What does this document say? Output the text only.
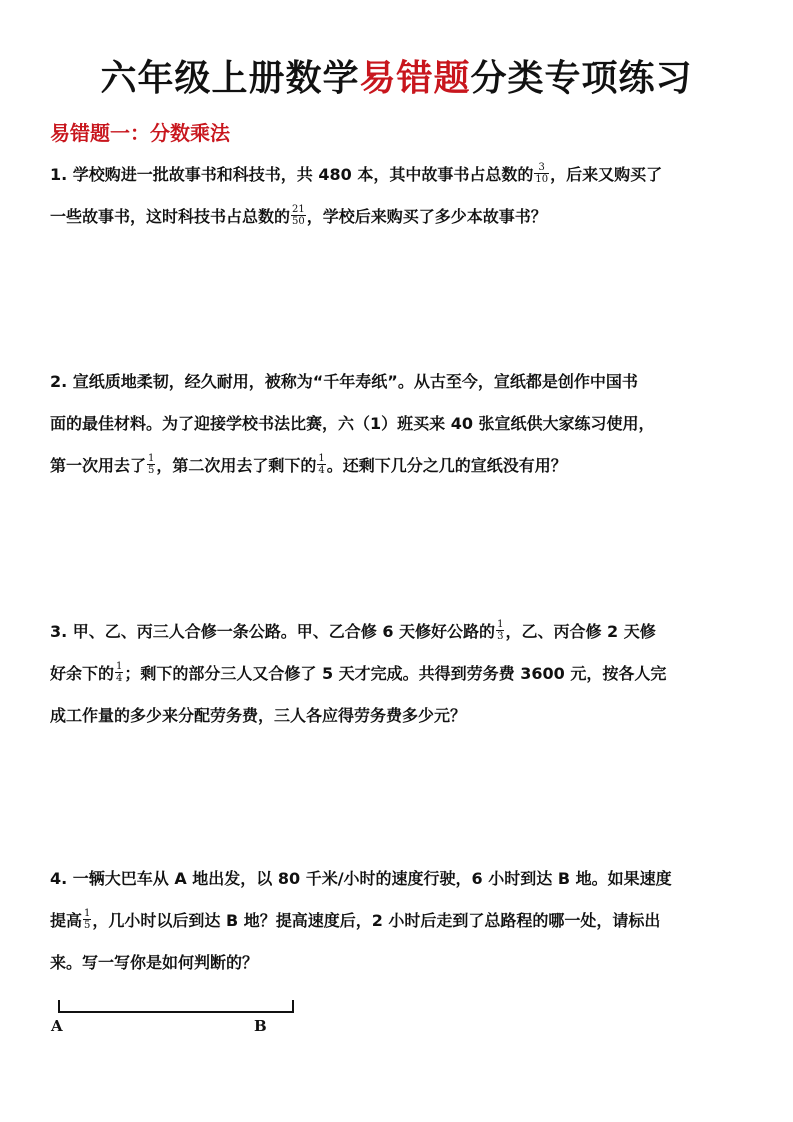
六年级上册数学易错题分类专项练习
易错题一：分数乘法
1. 学校购进一批故事书和科技书，共 480 本，其中故事书占总数的 $\frac{3}{10}$ ，后来又购买了
一些故事书，这时科技书占总数的 $\frac{21}{50}$ ，学校后来购买了多少本故事书？
2. 宣纸质地柔韧，经久耐用，被称为“千年寿纸”。从古至今，宣纸都是创作中国书
面的最佳材料。为了迎接学校书法比赛，六（1）班买来 40 张宣纸供大家练习使用，
第一次用去了 $\frac{1}{5}$ ，第二次用去了剩下的 $\frac{1}{4}$ 。还剩下几分之几的宣纸没有用？
3. 甲、乙、丙三人合修一条公路。甲、乙合修 6 天修好公路的 $\frac{1}{3}$ ，乙、丙合修 2 天修
好余下的 $\frac{1}{4}$ ；剩下的部分三人又合修了 5 天才完成。共得到劳务费 3600 元，按各人完
成工作量的多少来分配劳务费，三人各应得劳务费多少元？
4. 一辆大巴车从 A 地出发，以 80 千米/小时的速度行驶，6 小时到达 B 地。如果速度
提高 $\frac{1}{5}$ ，几小时以后到达 B 地？提高速度后，2 小时后走到了总路程的哪一处，请标出
来。写一写你是如何判断的？
A	B
